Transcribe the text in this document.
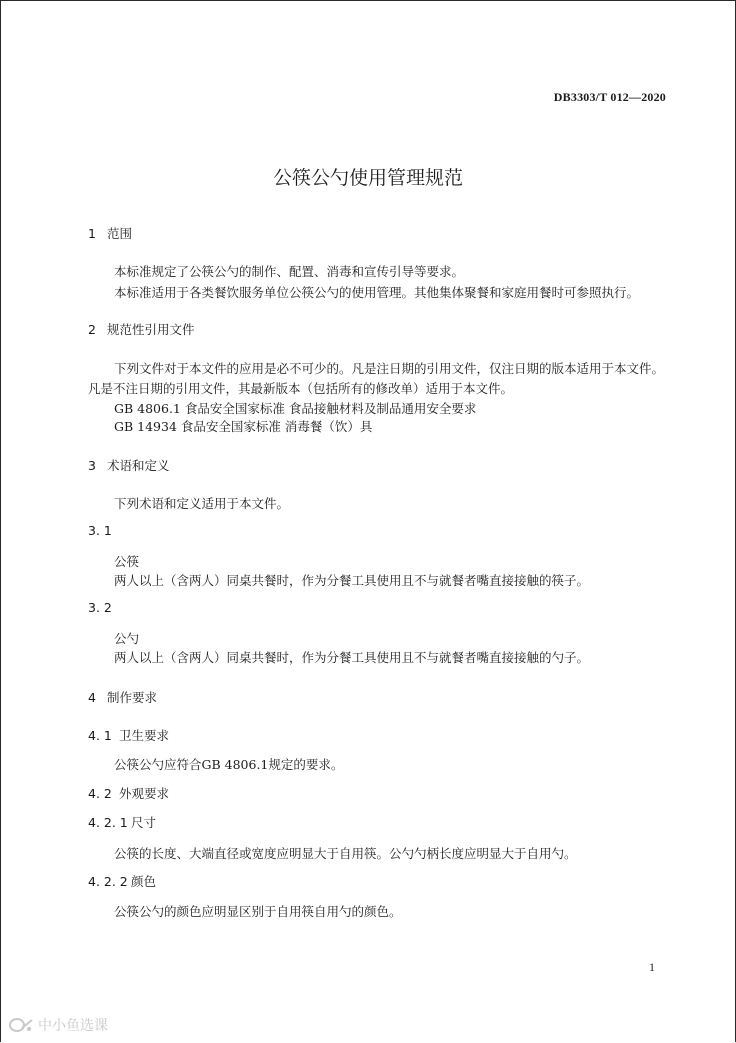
DB3303/T 012—2020
公筷公勺使用管理规范
1 范围
本标准规定了公筷公勺的制作、配置、消毒和宣传引导等要求。
本标准适用于各类餐饮服务单位公筷公勺的使用管理。其他集体聚餐和家庭用餐时可参照执行。
2 规范性引用文件
下列文件对于本文件的应用是必不可少的。凡是注日期的引用文件，仅注日期的版本适用于本文件。
凡是不注日期的引用文件，其最新版本（包括所有的修改单）适用于本文件。
GB 4806.1 食品安全国家标准 食品接触材料及制品通用安全要求
GB 14934 食品安全国家标准 消毒餐（饮）具
3 术语和定义
下列术语和定义适用于本文件。
3. 1
公筷
两人以上（含两人）同桌共餐时，作为分餐工具使用且不与就餐者嘴直接接触的筷子。
3. 2
公勺
两人以上（含两人）同桌共餐时，作为分餐工具使用且不与就餐者嘴直接接触的勺子。
4 制作要求
4. 1 卫生要求
公筷公勺应符合GB 4806.1规定的要求。
4. 2 外观要求
4. 2. 1 尺寸
公筷的长度、大端直径或宽度应明显大于自用筷。公勺勺柄长度应明显大于自用勺。
4. 2. 2 颜色
公筷公勺的颜色应明显区别于自用筷自用勺的颜色。
1
中小鱼选课
